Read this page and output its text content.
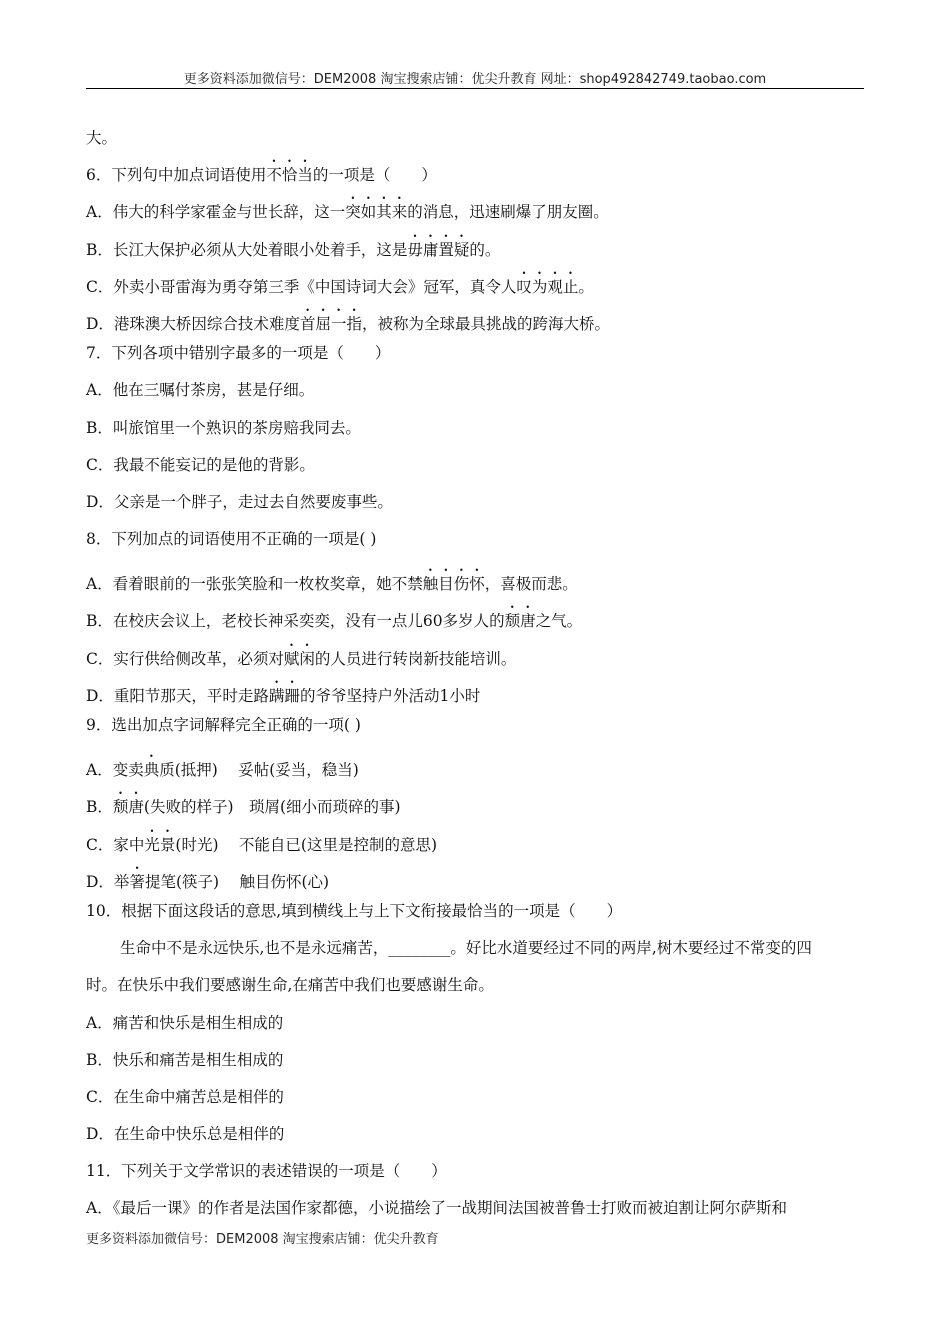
更多资料添加微信号：DEM2008 淘宝搜索店铺：优尖升教育 网址：shop492842749.taobao.com
大。
6．下列句中加点词语使用不恰当的一项是（　　）
A．伟大的科学家霍金与世长辞，这一突如其来的消息，迅速刷爆了朋友圈。
B．长江大保护必须从大处着眼小处着手，这是毋庸置疑的。
C．外卖小哥雷海为勇夺第三季《中国诗词大会》冠军，真令人叹为观止。
D．港珠澳大桥因综合技术难度首屈一指，被称为全球最具挑战的跨海大桥。
7．下列各项中错别字最多的一项是（　　）
A．他在三嘱付茶房，甚是仔细。
B．叫旅馆里一个熟识的茶房赔我同去。
C．我最不能妄记的是他的背影。
D．父亲是一个胖子，走过去自然要废事些。
8．下列加点的词语使用不正确的一项是( )
A．看着眼前的一张张笑脸和一枚枚奖章，她不禁触目伤怀，喜极而悲。
B．在校庆会议上，老校长神采奕奕，没有一点儿60多岁人的颓唐之气。
C．实行供给侧改革，必须对赋闲的人员进行转岗新技能培训。
D．重阳节那天，平时走路蹒跚的爷爷坚持户外活动1小时
9．选出加点字词解释完全正确的一项( )
A．变卖典质(抵押)　 妥帖(妥当，稳当)
B．颓唐(失败的样子)　琐屑(细小而琐碎的事)
C．家中光景(时光)　 不能自已(这里是控制的意思)
D．举箸提笔(筷子)　 触目伤怀(心)
10．根据下面这段话的意思,填到横线上与上下文衔接最恰当的一项是（　　）
生命中不是永远快乐,也不是永远痛苦，________。好比水道要经过不同的两岸,树木要经过不常变的四
时。在快乐中我们要感谢生命,在痛苦中我们也要感谢生命。
A．痛苦和快乐是相生相成的
B．快乐和痛苦是相生相成的
C．在生命中痛苦总是相伴的
D．在生命中快乐总是相伴的
11．下列关于文学常识的表述错误的一项是（　　）
A．《最后一课》的作者是法国作家都德，小说描绘了一战期间法国被普鲁士打败而被迫割让阿尔萨斯和
更多资料添加微信号：DEM2008 淘宝搜索店铺：优尖升教育
